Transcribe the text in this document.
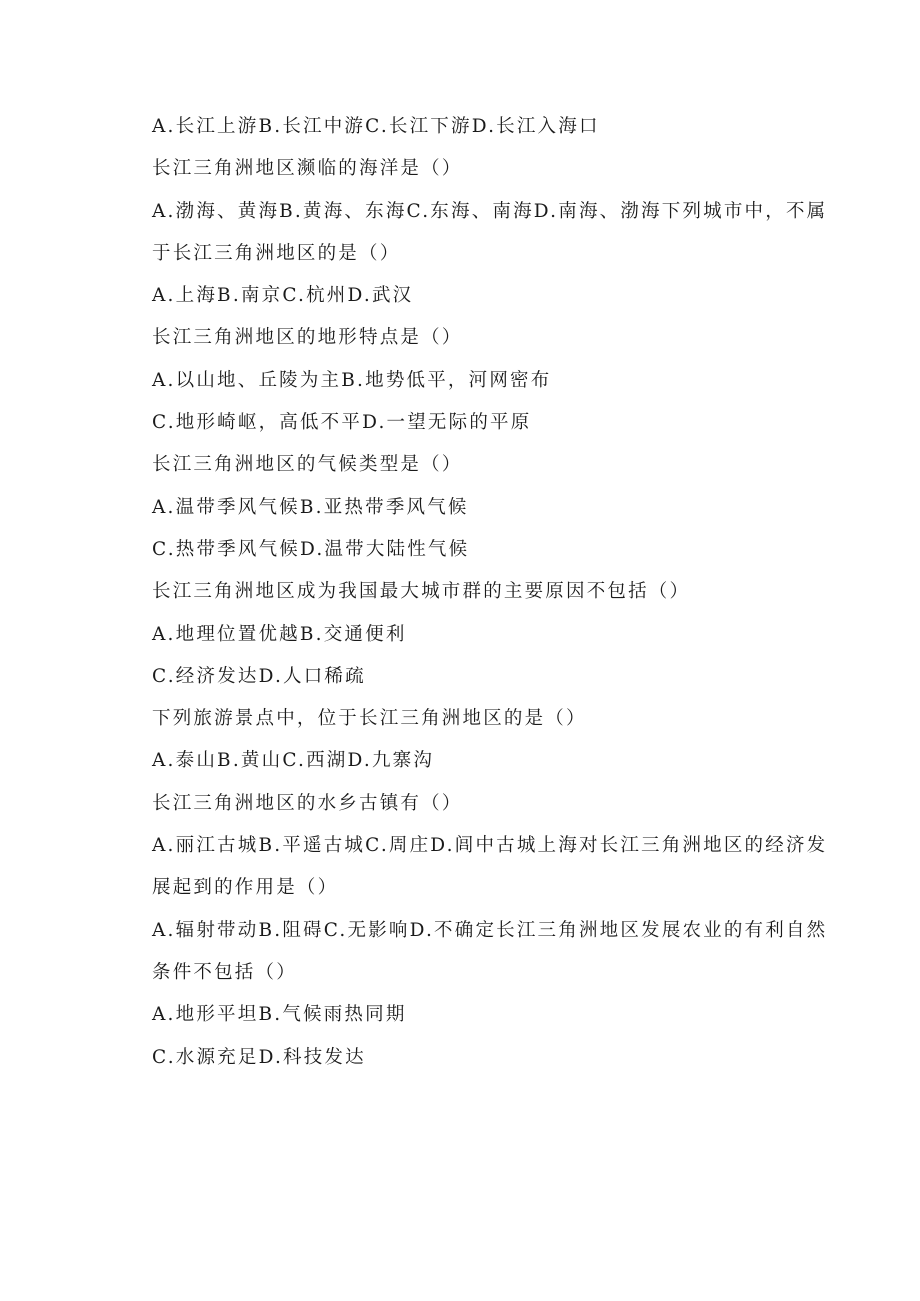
A.长江上游B.长江中游C.长江下游D.长江入海口
长江三角洲地区濒临的海洋是（）
A.渤海、黄海B.黄海、东海C.东海、南海D.南海、渤海下列城市中，不属
于长江三角洲地区的是（）
A.上海B.南京C.杭州D.武汉
长江三角洲地区的地形特点是（）
A.以山地、丘陵为主B.地势低平，河网密布
C.地形崎岖，高低不平D.一望无际的平原
长江三角洲地区的气候类型是（）
A.温带季风气候B.亚热带季风气候
C.热带季风气候D.温带大陆性气候
长江三角洲地区成为我国最大城市群的主要原因不包括（）
A.地理位置优越B.交通便利
C.经济发达D.人口稀疏
下列旅游景点中，位于长江三角洲地区的是（）
A.泰山B.黄山C.西湖D.九寨沟
长江三角洲地区的水乡古镇有（）
A.丽江古城B.平遥古城C.周庄D.闾中古城上海对长江三角洲地区的经济发
展起到的作用是（）
A.辐射带动B.阻碍C.无影响D.不确定长江三角洲地区发展农业的有利自然
条件不包括（）
A.地形平坦B.气候雨热同期
C.水源充足D.科技发达
